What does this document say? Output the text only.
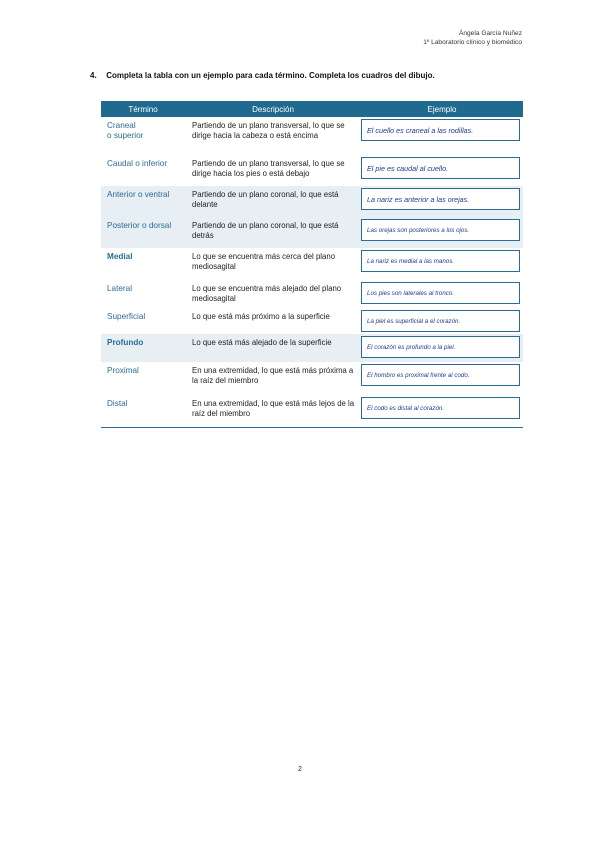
Ángela García Nuñez
1º Laboratorio clínico y biomédico
4. Completa la tabla con un ejemplo para cada término. Completa los cuadros del dibujo.
Término	Descripción	Ejemplo
Craneal
o superior	Partiendo de un plano transversal, lo que se dirige hacia la cabeza o está encima	El cuello es craneal a las rodillas.

Caudal o inferior	Partiendo de un plano transversal, lo que se dirige hacia los pies o está debajo	El pie es caudal al cuello.

Anterior o ventral	Partiendo de un plano coronal, lo que está delante	La nariz es anterior a las orejas.

Posterior o dorsal	Partiendo de un plano coronal, lo que está detrás	Las orejas son posteriores a los ojos.

Medial	Lo que se encuentra más cerca del plano mediosagital	La nariz es medial a las manos.

Lateral	Lo que se encuentra más alejado del plano mediosagital	Los pies son laterales al tronco.

Superficial	Lo que está más próximo a la superficie	La piel es superficial a el corazón.

Profundo	Lo que está más alejado de la superficie	El corazón es profundo a la piel.

Proximal	En una extremidad, lo que está más próxima a la raíz del miembro	El hombro es proximal frente al codo.

Distal	En una extremidad, lo que está más lejos de la raíz del miembro	El codo es distal al corazón.
2
